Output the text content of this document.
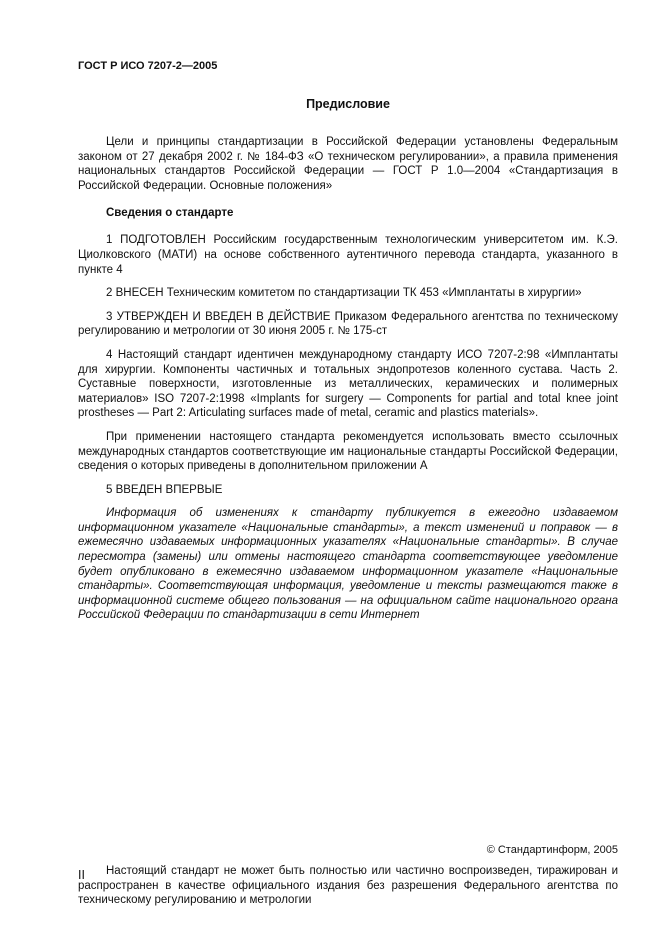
ГОСТ Р ИСО 7207-2—2005
Предисловие

Цели и принципы стандартизации в Российской Федерации установлены Федеральным законом от 27 декабря 2002 г. № 184-ФЗ «О техническом регулировании», а правила применения национальных стандартов Российской Федерации — ГОСТ Р 1.0—2004 «Стандартизация в Российской Федерации. Основные положения»

Сведения о стандарте

1 ПОДГОТОВЛЕН Российским государственным технологическим университетом им. К.Э. Циолковского (МАТИ) на основе собственного аутентичного перевода стандарта, указанного в пункте 4

2 ВНЕСЕН Техническим комитетом по стандартизации ТК 453 «Имплантаты в хирургии»

3 УТВЕРЖДЕН И ВВЕДЕН В ДЕЙСТВИЕ Приказом Федерального агентства по техническому регулированию и метрологии от 30 июня 2005 г. № 175-ст

4 Настоящий стандарт идентичен международному стандарту ИСО 7207-2:98 «Имплантаты для хирургии. Компоненты частичных и тотальных эндопротезов коленного сустава. Часть 2. Суставные поверхности, изготовленные из металлических, керамических и полимерных материалов» ISO 7207-2:1998 «Implants for surgery — Components for partial and total knee joint prostheses — Part 2: Articulating surfaces made of metal, ceramic and plastics materials».

При применении настоящего стандарта рекомендуется использовать вместо ссылочных международных стандартов соответствующие им национальные стандарты Российской Федерации, сведения о которых приведены в дополнительном приложении А

5 ВВЕДЕН ВПЕРВЫЕ

Информация об изменениях к стандарту публикуется в ежегодно издаваемом информационном указателе «Национальные стандарты», а текст изменений и поправок — в ежемесячно издаваемых информационных указателях «Национальные стандарты». В случае пересмотра (замены) или отмены настоящего стандарта соответствующее уведомление будет опубликовано в ежемесячно издаваемом информационном указателе «Национальные стандарты». Соответствующая информация, уведомление и тексты размещаются также в информационной системе общего пользования — на официальном сайте национального органа Российской Федерации по стандартизации в сети Интернет

© Стандартинформ, 2005

Настоящий стандарт не может быть полностью или частично воспроизведен, тиражирован и распространен в качестве официального издания без разрешения Федерального агентства по техническому регулированию и метрологии

II
